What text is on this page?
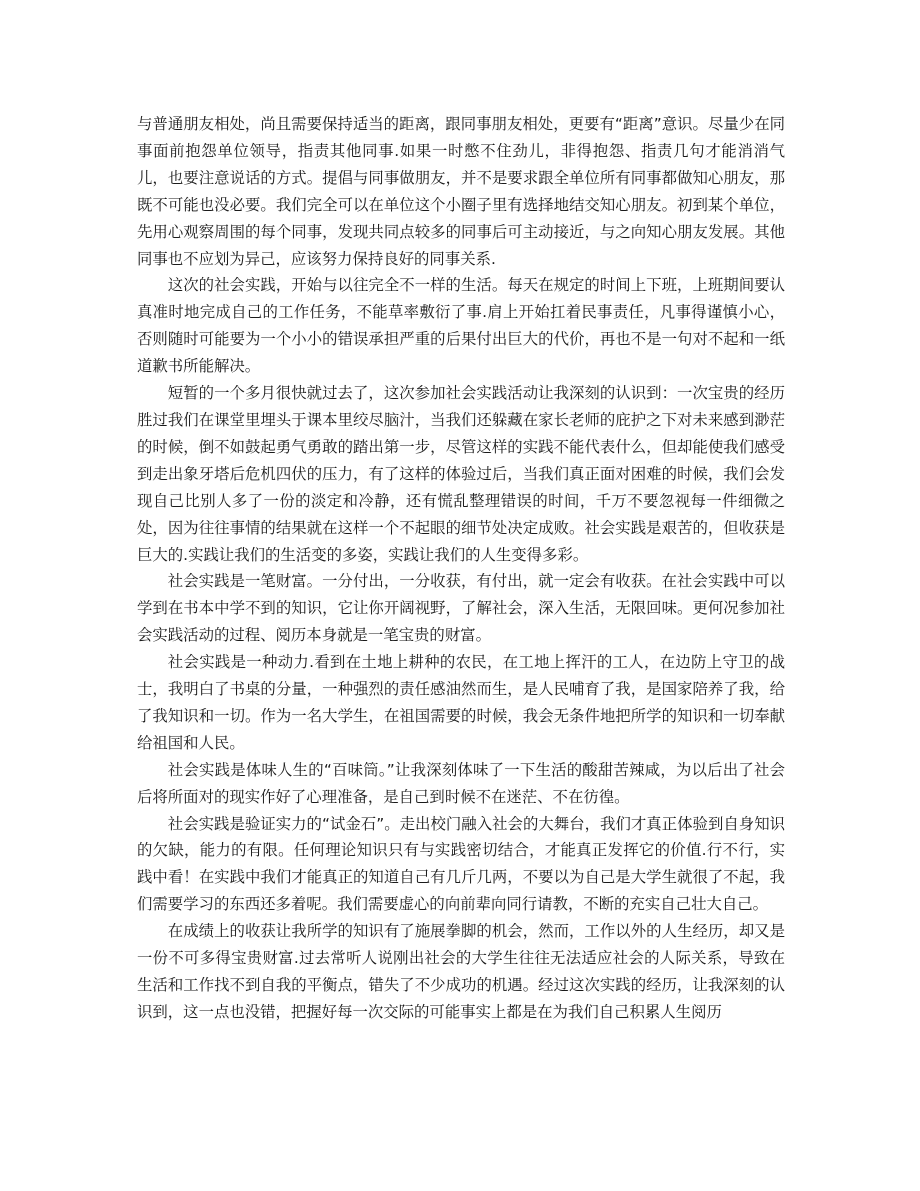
与普通朋友相处，尚且需要保持适当的距离，跟同事朋友相处，更要有“距离”意识。尽量少在同事面前抱怨单位领导，指责其他同事.如果一时憋不住劲儿，非得抱怨、指责几句才能消消气儿，也要注意说话的方式。提倡与同事做朋友，并不是要求跟全单位所有同事都做知心朋友，那既不可能也没必要。我们完全可以在单位这个小圈子里有选择地结交知心朋友。初到某个单位，先用心观察周围的每个同事，发现共同点较多的同事后可主动接近，与之向知心朋友发展。其他同事也不应划为异己，应该努力保持良好的同事关系.

这次的社会实践，开始与以往完全不一样的生活。每天在规定的时间上下班，上班期间要认真准时地完成自己的工作任务，不能草率敷衍了事.肩上开始扛着民事责任，凡事得谨慎小心，否则随时可能要为一个小小的错误承担严重的后果付出巨大的代价，再也不是一句对不起和一纸道歉书所能解决。

短暂的一个多月很快就过去了，这次参加社会实践活动让我深刻的认识到：一次宝贵的经历胜过我们在课堂里埋头于课本里绞尽脑汁，当我们还躲藏在家长老师的庇护之下对未来感到渺茫的时候，倒不如鼓起勇气勇敢的踏出第一步，尽管这样的实践不能代表什么，但却能使我们感受到走出象牙塔后危机四伏的压力，有了这样的体验过后，当我们真正面对困难的时候，我们会发现自己比别人多了一份的淡定和冷静，还有慌乱整理错误的时间，千万不要忽视每一件细微之处，因为往往事情的结果就在这样一个不起眼的细节处决定成败。社会实践是艰苦的，但收获是巨大的.实践让我们的生活变的多姿，实践让我们的人生变得多彩。

社会实践是一笔财富。一分付出，一分收获，有付出，就一定会有收获。在社会实践中可以学到在书本中学不到的知识，它让你开阔视野，了解社会，深入生活，无限回味。更何况参加社会实践活动的过程、阅历本身就是一笔宝贵的财富。

社会实践是一种动力.看到在土地上耕种的农民，在工地上挥汗的工人，在边防上守卫的战士，我明白了书桌的分量，一种强烈的责任感油然而生，是人民哺育了我，是国家陪养了我，给了我知识和一切。作为一名大学生，在祖国需要的时候，我会无条件地把所学的知识和一切奉献给祖国和人民。

社会实践是体味人生的“百味筒。”让我深刻体味了一下生活的酸甜苦辣咸，为以后出了社会后将所面对的现实作好了心理准备，是自己到时候不在迷茫、不在彷徨。

社会实践是验证实力的“试金石”。走出校门融入社会的大舞台，我们才真正体验到自身知识的欠缺，能力的有限。任何理论知识只有与实践密切结合，才能真正发挥它的价值.行不行，实践中看！在实践中我们才能真正的知道自己有几斤几两，不要以为自己是大学生就很了不起，我们需要学习的东西还多着呢。我们需要虚心的向前辈向同行请教，不断的充实自己壮大自己。

在成绩上的收获让我所学的知识有了施展拳脚的机会，然而，工作以外的人生经历，却又是一份不可多得宝贵财富.过去常听人说刚出社会的大学生往往无法适应社会的人际关系，导致在生活和工作找不到自我的平衡点，错失了不少成功的机遇。经过这次实践的经历，让我深刻的认识到，这一点也没错，把握好每一次交际的可能事实上都是在为我们自己积累人生阅历
